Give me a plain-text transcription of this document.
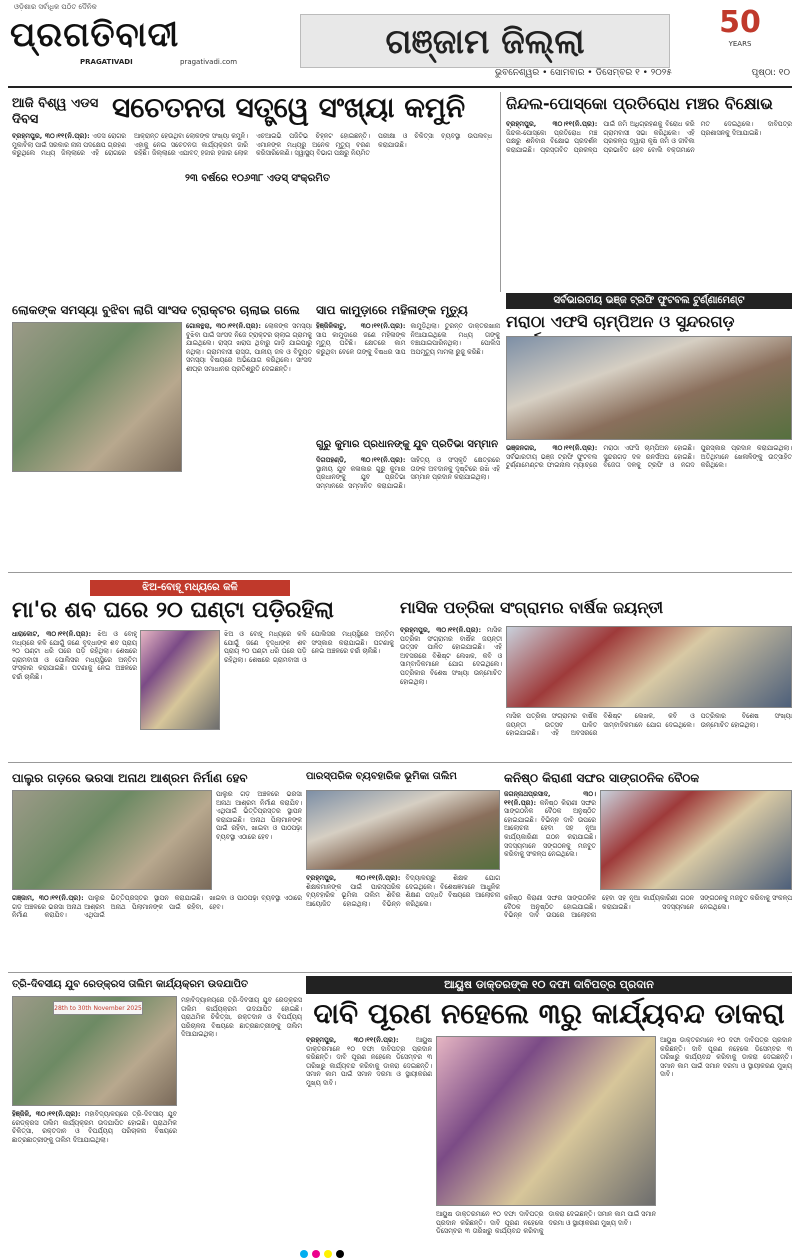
ଓଡ଼ିଶାର ସର୍ବାଧିକ ପଠିତ ଦୈନିକ
ପ୍ରଗତିବାଦୀ
PRAGATIVADI	pragativadi.com	ଗଞ୍ଜାମ ଜିଲ୍ଲା	50
YEARS
ଭୁବନେଶ୍ୱର • ସୋମବାର • ଡିସେମ୍ବର ୧ • ୨୦୨୫	ପୃଷ୍ଠା: ୧୦
ଆଜି ବିଶ୍ୱ ଏଡସ ଦିବସ	ସଚେତନତା ସତ୍ତ୍ୱେ ସଂଖ୍ୟା କମୁନି
ବ୍ରହ୍ମପୁର, ୩୦।୧୧(ନି.ପ୍ର): ଏଡସ ରୋଗର ମୁକାବିଲା ପାଇଁ ସରକାର ନାନା ପଦକ୍ଷେପ ଗ୍ରହଣ କରୁଥିଲେ ମଧ୍ୟ ଜିଲ୍ଲାରେ ଏହି ରୋଗରେ ଆକ୍ରାନ୍ତ ହେଉଥିବା ଲୋକଙ୍କ ସଂଖ୍ୟା କମୁନି। ଏହାକୁ ନେଇ ସଚେତନତା କାର୍ଯ୍ୟକ୍ରମ ଜାରି ରହିଛି। ଜିଲ୍ଲାରେ ଏଯାବତ୍ ହଜାର ହଜାର ଲୋକ ଏଚଆଇଭି ପଜିଟିଭ ଚିହ୍ନଟ ହୋଇଛନ୍ତି। ଏମାନଙ୍କ ମଧ୍ୟରୁ ଅନେକ ମୃତ୍ୟୁ ବରଣ କରିସାରିଲେଣି। ସ୍ୱାସ୍ଥ୍ୟ ବିଭାଗ ପକ୍ଷରୁ ନିୟମିତ ପରୀକ୍ଷା ଓ ଚିକିତ୍ସା ବ୍ୟବସ୍ଥା ଉପଲବ୍ଧ କରାଯାଉଛି।
୨୩ ବର୍ଷରେ ୧୦୬୩୮ ଏଡସ୍ ସଂକ୍ରମିତ
ଜିନ୍ଦଲ-ପୋସ୍କୋ ପ୍ରତିରୋଧ ମଞ୍ଚର ବିକ୍ଷୋଭ
ବ୍ରହ୍ମପୁର, ୩୦।୧୧(ନି.ପ୍ର): ଜିନ୍ଦଲ-ପୋସ୍କୋ ପ୍ରତିରୋଧ ମଞ୍ଚ ପକ୍ଷରୁ ଶନିବାର ବିକ୍ଷୋଭ ପ୍ରଦର୍ଶନ କରାଯାଇଛି। ପ୍ରସ୍ତାବିତ ପ୍ରକଳ୍ପ ପାଇଁ ଜମି ଅଧିଗ୍ରହଣକୁ ବିରୋଧ କରି ଗ୍ରାମବାସୀ ସଭା କରିଥିଲେ। ଏହି ପ୍ରକଳ୍ପ ଦ୍ୱାରା କୃଷି ଜମି ଓ ଜୀବିକା ପ୍ରଭାବିତ ହେବ ବୋଲି ବକ୍ତାମାନେ ମତ ଦେଇଥିଲେ। ଦାବିପତ୍ର ପ୍ରଶାସନକୁ ଦିଆଯାଇଛି।
ସର୍ବଭାରତୀୟ ଭଞ୍ଜ ଟ୍ରଫି ଫୁଟବଲ ଟୁର୍ଣ୍ଣାମେଣ୍ଟ
ମରାଠା ଏଫସି ଚାମ୍ପିଅନ ଓ ସୁନ୍ଦରଗଡ଼
ଭଞ୍ଜନଗର, ୩୦।୧୧(ନି.ପ୍ର): ସର୍ବଭାରତୀୟ ଭଞ୍ଜ ଟ୍ରଫି ଫୁଟବଲ ଟୁର୍ଣ୍ଣାମେଣ୍ଟର ଫାଇନାଲ ମ୍ୟାଚ୍‌ରେ ମରାଠା ଏଫସି ଚାମ୍ପିଅନ ହୋଇଛି। ସୁନ୍ଦରଗଡ଼ ଦଳ ରନର୍ସଅପ ହୋଇଛି। ବିଜେତା ଦଳକୁ ଟ୍ରଫି ଓ ନଗଦ ପୁରସ୍କାର ପ୍ରଦାନ କରାଯାଇଥିଲା। ଅତିଥିମାନେ ଖେଳାଳିଙ୍କୁ ଉତ୍ସାହିତ କରିଥିଲେ।
ଲୋକଙ୍କ ସମସ୍ୟା ବୁଝିବା ଲାଗି ସାଂସଦ ଟ୍ରାକ୍ଟର ଚାଲାଇ ଗଲେ
ଗୋଳନ୍ଥରା, ୩୦।୧୧(ନି.ପ୍ର): ଲୋକଙ୍କ ସମସ୍ୟା ବୁଝିବା ପାଇଁ ସାଂସଦ ନିଜେ ଟ୍ରାକ୍ଟର ଚାଲାଇ ଗ୍ରାମକୁ ଯାଇଥିଲେ। ରାସ୍ତା ଖରାପ ଥିବାରୁ ଗାଡ଼ି ଯାଇପାରୁ ନଥିଲା। ଗ୍ରାମବାସୀ ରାସ୍ତା, ପାନୀୟ ଜଳ ଓ ବିଦ୍ୟୁତ ସମସ୍ୟା ବିଷୟରେ ଅଭିଯୋଗ କରିଥିଲେ। ସାଂସଦ ଶୀଘ୍ର ସମାଧାନର ପ୍ରତିଶ୍ରୁତି ଦେଇଛନ୍ତି।
ସାପ କାମୁଡ଼ାରେ ମହିଳାଙ୍କ ମୃତ୍ୟୁ
ହିଞ୍ଜିଳିକାଟୁ, ୩୦।୧୧(ନି.ପ୍ର): ସାପ କାମୁଡ଼ାରେ ଜଣେ ମହିଳାଙ୍କ ମୃତ୍ୟୁ ଘଟିଛି। କ୍ଷେତରେ କାମ କରୁଥିବା ବେଳେ ତାଙ୍କୁ ବିଷଧର ସାପ କାମୁଡ଼ିଥିଲା। ତୁରନ୍ତ ଡାକ୍ତରଖାନା ନିଆଯାଇଥିଲେ ମଧ୍ୟ ତାଙ୍କୁ ବଞ୍ଚାଯାଇପାରିନଥିଲା। ପୋଲିସ ଅପମୃତ୍ୟୁ ମାମଲା ରୁଜୁ କରିଛି।
ଗୁରୁ କୁମାର ପ୍ରଧାନଙ୍କୁ ଯୁବ ପ୍ରତିଭା ସମ୍ମାନ
ଦିଗପହଣ୍ଡି, ୩୦।୧୧(ନି.ପ୍ର): ସ୍ଥାନୀୟ ଯୁବ କଳାକାର ଗୁରୁ କୁମାର ପ୍ରଧାନଙ୍କୁ ଯୁବ ପ୍ରତିଭା ସମ୍ମାନରେ ସମ୍ମାନିତ କରାଯାଇଛି। ସାହିତ୍ୟ ଓ ସଂସ୍କୃତି କ୍ଷେତ୍ରରେ ତାଙ୍କ ଅବଦାନକୁ ଦୃଷ୍ଟିରେ ରଖି ଏହି ସମ୍ମାନ ପ୍ରଦାନ କରାଯାଇଥିଲା।
ଝିଅ-ବୋହୂ ମଧ୍ୟରେ କଳି
ମା'ର ଶବ ଘରେ ୨୦ ଘଣ୍ଟା ପଡ଼ିରହିଲା
ଧାରାକୋଟ, ୩୦।୧୧(ନି.ପ୍ର): ଝିଅ ଓ ବୋହୂ ମଧ୍ୟରେ କଳି ଯୋଗୁଁ ଜଣେ ବୃଦ୍ଧାଙ୍କ ଶବ ପ୍ରାୟ ୨୦ ଘଣ୍ଟା ଧରି ଘରେ ପଡ଼ି ରହିଥିଲା। ଶେଷରେ ଗ୍ରାମବାସୀ ଓ ପୋଲିସର ମଧ୍ୟସ୍ଥିରେ ଅନ୍ତିମ ସଂସ୍କାର କରାଯାଇଛି। ଘଟଣାକୁ ନେଇ ଅଞ୍ଚଳରେ ଚର୍ଚ୍ଚା ଚାଲିଛି।
ଝିଅ ଓ ବୋହୂ ମଧ୍ୟରେ କଳି ଯୋଗୁଁ ଜଣେ ବୃଦ୍ଧାଙ୍କ ଶବ ପ୍ରାୟ ୨୦ ଘଣ୍ଟା ଧରି ଘରେ ପଡ଼ି ରହିଥିଲା। ଶେଷରେ ଗ୍ରାମବାସୀ ଓ ପୋଲିସର ମଧ୍ୟସ୍ଥିରେ ଅନ୍ତିମ ସଂସ୍କାର କରାଯାଇଛି। ଘଟଣାକୁ ନେଇ ଅଞ୍ଚଳରେ ଚର୍ଚ୍ଚା ଚାଲିଛି।
ମାସିକ ପତ୍ରିକା ସଂଗ୍ରାମର ବାର୍ଷିକ ଜୟନ୍ତୀ
ବ୍ରହ୍ମପୁର, ୩୦।୧୧(ନି.ପ୍ର): ମାସିକ ପତ୍ରିକା ସଂଗ୍ରାମର ବାର୍ଷିକ ଜୟନ୍ତୀ ଉତ୍ସବ ପାଳିତ ହୋଇଯାଇଛି। ଏହି ଅବସରରେ ବିଶିଷ୍ଟ ଲେଖକ, କବି ଓ ସାମ୍ବାଦିକମାନେ ଯୋଗ ଦେଇଥିଲେ। ପତ୍ରିକାର ବିଶେଷ ସଂଖ୍ୟା ଉନ୍ମୋଚିତ ହୋଇଥିଲା।
ମାସିକ ପତ୍ରିକା ସଂଗ୍ରାମର ବାର୍ଷିକ ଜୟନ୍ତୀ ଉତ୍ସବ ପାଳିତ ହୋଇଯାଇଛି। ଏହି ଅବସରରେ ବିଶିଷ୍ଟ ଲେଖକ, କବି ଓ ସାମ୍ବାଦିକମାନେ ଯୋଗ ଦେଇଥିଲେ। ପତ୍ରିକାର ବିଶେଷ ସଂଖ୍ୟା ଉନ୍ମୋଚିତ ହୋଇଥିଲା।
ପାଲୁର ଗଡ଼ରେ ଭରସା ଅନାଥ ଆଶ୍ରମ ନିର୍ମାଣ ହେବ
ପାଲୁର ଗଡ଼ ଅଞ୍ଚଳରେ ଭରସା ଅନାଥ ଆଶ୍ରମ ନିର୍ମାଣ କରାଯିବ। ଏଥିପାଇଁ ଭିତ୍ତିପ୍ରସ୍ତର ସ୍ଥାପନ କରାଯାଇଛି। ଅନାଥ ପିଲାମାନଙ୍କ ପାଇଁ ରହିବା, ଖାଇବା ଓ ପାଠପଢ଼ା ବ୍ୟବସ୍ଥା ଏଠାରେ ହେବ।
ଗଞ୍ଜାମ, ୩୦।୧୧(ନି.ପ୍ର): ପାଲୁର ଗଡ଼ ଅଞ୍ଚଳରେ ଭରସା ଅନାଥ ଆଶ୍ରମ ନିର୍ମାଣ କରାଯିବ। ଏଥିପାଇଁ ଭିତ୍ତିପ୍ରସ୍ତର ସ୍ଥାପନ କରାଯାଇଛି। ଅନାଥ ପିଲାମାନଙ୍କ ପାଇଁ ରହିବା, ଖାଇବା ଓ ପାଠପଢ଼ା ବ୍ୟବସ୍ଥା ଏଠାରେ ହେବ।
ପାରସ୍ପରିକ ବ୍ୟବହାରିକ ଭୂମିକା ତାଲିମ
ବ୍ରହ୍ମପୁର, ୩୦।୧୧(ନି.ପ୍ର): ଶିକ୍ଷକମାନଙ୍କ ପାଇଁ ପାରସ୍ପରିକ ବ୍ୟବହାରିକ ଭୂମିକା ତାଲିମ ଶିବିର ଆୟୋଜିତ ହୋଇଥିଲା। ବିଭିନ୍ନ ବିଦ୍ୟାଳୟରୁ ଶିକ୍ଷକ ଯୋଗ ଦେଇଥିଲେ। ବିଶେଷଜ୍ଞମାନେ ଆଧୁନିକ ଶିକ୍ଷଣ ପଦ୍ଧତି ବିଷୟରେ ଆଲୋଚନା କରିଥିଲେ।
କନିଷ୍ଠ କିରାଣୀ ସଙ୍ଘର ସାଙ୍ଗଠନିକ ବୈଠକ
ଜଗନ୍ନାଥପ୍ରସାଦ, ୩୦।୧୧(ନି.ପ୍ର): କନିଷ୍ଠ କିରାଣୀ ସଙ୍ଘର ସାଙ୍ଗଠନିକ ବୈଠକ ଅନୁଷ୍ଠିତ ହୋଇଯାଇଛି। ବିଭିନ୍ନ ଦାବି ଉପରେ ଆଲୋଚନା ହେବା ସହ ନୂଆ କାର୍ଯ୍ୟକାରିଣୀ ଗଠନ କରାଯାଇଛି। ସଦସ୍ୟମାନେ ସଙ୍ଗଠନକୁ ମଜବୁତ କରିବାକୁ ସଂକଳ୍ପ ନେଇଥିଲେ।
କନିଷ୍ଠ କିରାଣୀ ସଙ୍ଘର ସାଙ୍ଗଠନିକ ବୈଠକ ଅନୁଷ୍ଠିତ ହୋଇଯାଇଛି। ବିଭିନ୍ନ ଦାବି ଉପରେ ଆଲୋଚନା ହେବା ସହ ନୂଆ କାର୍ଯ୍ୟକାରିଣୀ ଗଠନ କରାଯାଇଛି। ସଦସ୍ୟମାନେ ସଙ୍ଗଠନକୁ ମଜବୁତ କରିବାକୁ ସଂକଳ୍ପ ନେଇଥିଲେ।
ତ୍ରି-ଦିବସୀୟ ଯୁବ ରେଡ୍‌କ୍ରସ ତାଲିମ କାର୍ଯ୍ୟକ୍ରମ ଉଦଯାପିତ
28th to 30th November 2025
ମହାବିଦ୍ୟାଳୟରେ ତ୍ରି-ଦିବସୀୟ ଯୁବ ରେଡ୍‌କ୍ରସ ତାଲିମ କାର୍ଯ୍ୟକ୍ରମ ଉଦଯାପିତ ହୋଇଛି। ପ୍ରାଥମିକ ଚିକିତ୍ସା, ରକ୍ତଦାନ ଓ ବିପର୍ଯ୍ୟୟ ପରିଚାଳନା ବିଷୟରେ ଛାତ୍ରଛାତ୍ରୀଙ୍କୁ ତାଲିମ ଦିଆଯାଇଥିଲା।
ହିଞ୍ଜିଳି, ୩୦।୧୧(ନି.ପ୍ର): ମହାବିଦ୍ୟାଳୟରେ ତ୍ରି-ଦିବସୀୟ ଯୁବ ରେଡ୍‌କ୍ରସ ତାଲିମ କାର୍ଯ୍ୟକ୍ରମ ଉଦଯାପିତ ହୋଇଛି। ପ୍ରାଥମିକ ଚିକିତ୍ସା, ରକ୍ତଦାନ ଓ ବିପର୍ଯ୍ୟୟ ପରିଚାଳନା ବିଷୟରେ ଛାତ୍ରଛାତ୍ରୀଙ୍କୁ ତାଲିମ ଦିଆଯାଇଥିଲା।
ଆୟୁଷ ଡାକ୍ତରଙ୍କ ୧୦ ଦଫା ଦାବିପତ୍ର ପ୍ରଦାନ
ଦାବି ପୂରଣ ନହେଲେ ୩ରୁ କାର୍ଯ୍ୟବନ୍ଦ ଡାକରା
ବ୍ରହ୍ମପୁର, ୩୦।୧୧(ନି.ପ୍ର):	ଆୟୁଷ ଡାକ୍ତରମାନେ ୧୦ ଦଫା ଦାବିପତ୍ର ପ୍ରଦାନ କରିଛନ୍ତି। ଦାବି ପୂରଣ ନହେଲେ ଡିସେମ୍ବର ୩ ତାରିଖରୁ କାର୍ଯ୍ୟବନ୍ଦ କରିବାକୁ ଡାକରା ଦେଇଛନ୍ତି। ସମାନ କାମ ପାଇଁ ସମାନ ଦରମା ଓ ସ୍ଥାୟୀକରଣ ମୁଖ୍ୟ ଦାବି।
ଆୟୁଷ ଡାକ୍ତରମାନେ ୧୦ ଦଫା ଦାବିପତ୍ର ପ୍ରଦାନ କରିଛନ୍ତି। ଦାବି ପୂରଣ ନହେଲେ ଡିସେମ୍ବର ୩ ତାରିଖରୁ କାର୍ଯ୍ୟବନ୍ଦ କରିବାକୁ ଡାକରା ଦେଇଛନ୍ତି। ସମାନ କାମ ପାଇଁ ସମାନ ଦରମା ଓ ସ୍ଥାୟୀକରଣ ମୁଖ୍ୟ ଦାବି।
ଆୟୁଷ ଡାକ୍ତରମାନେ ୧୦ ଦଫା ଦାବିପତ୍ର ପ୍ରଦାନ କରିଛନ୍ତି। ଦାବି ପୂରଣ ନହେଲେ ଡିସେମ୍ବର ୩ ତାରିଖରୁ କାର୍ଯ୍ୟବନ୍ଦ କରିବାକୁ ଡାକରା ଦେଇଛନ୍ତି। ସମାନ କାମ ପାଇଁ ସମାନ ଦରମା ଓ ସ୍ଥାୟୀକରଣ ମୁଖ୍ୟ ଦାବି।
